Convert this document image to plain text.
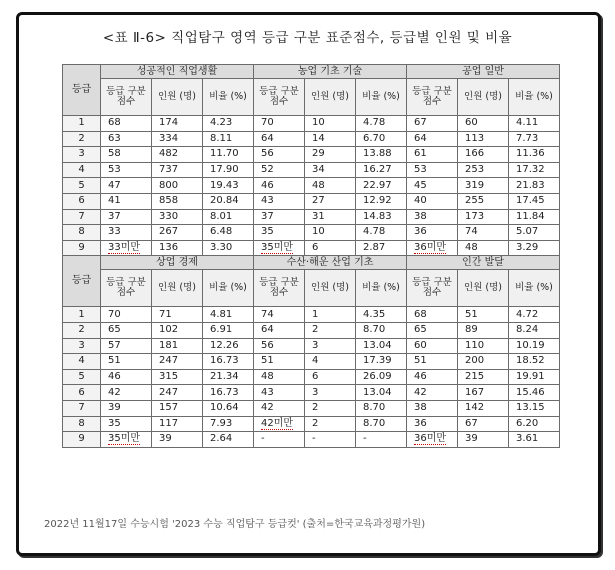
<표 Ⅱ-6> 직업탐구 영역 등급 구분 표준점수, 등급별 인원 및 비율
등급	성공적인 직업생활			농업 기초 기술			공업 일반		
	등급 구분 점수	인원 (명)	비율 (%)	등급 구분 점수	인원 (명)	비율 (%)	등급 구분 점수	인원 (명)	비율 (%)
1	68	174	4.23	70	10	4.78	67	60	4.11
2	63	334	8.11	64	14	6.70	64	113	7.73
3	58	482	11.70	56	29	13.88	61	166	11.36
4	53	737	17.90	52	34	16.27	53	253	17.32
5	47	800	19.43	46	48	22.97	45	319	21.83
6	41	858	20.84	43	27	12.92	40	255	17.45
7	37	330	8.01	37	31	14.83	38	173	11.84
8	33	267	6.48	35	10	4.78	36	74	5.07
9	33미만	136	3.30	35미만	6	2.87	36미만	48	3.29
등급	상업 경제			수산·해운 산업 기초			인간 발달		
	등급 구분 점수	인원 (명)	비율 (%)	등급 구분 점수	인원 (명)	비율 (%)	등급 구분 점수	인원 (명)	비율 (%)
1	70	71	4.81	74	1	4.35	68	51	4.72
2	65	102	6.91	64	2	8.70	65	89	8.24
3	57	181	12.26	56	3	13.04	60	110	10.19
4	51	247	16.73	51	4	17.39	51	200	18.52
5	46	315	21.34	48	6	26.09	46	215	19.91
6	42	247	16.73	43	3	13.04	42	167	15.46
7	39	157	10.64	42	2	8.70	38	142	13.15
8	35	117	7.93	42미만	2	8.70	36	67	6.20
9	35미만	39	2.64	-	-	-	36미만	39	3.61
2022년 11월17일 수능시험 '2023 수능 직업탐구 등급컷' (출처=한국교육과정평가원)
